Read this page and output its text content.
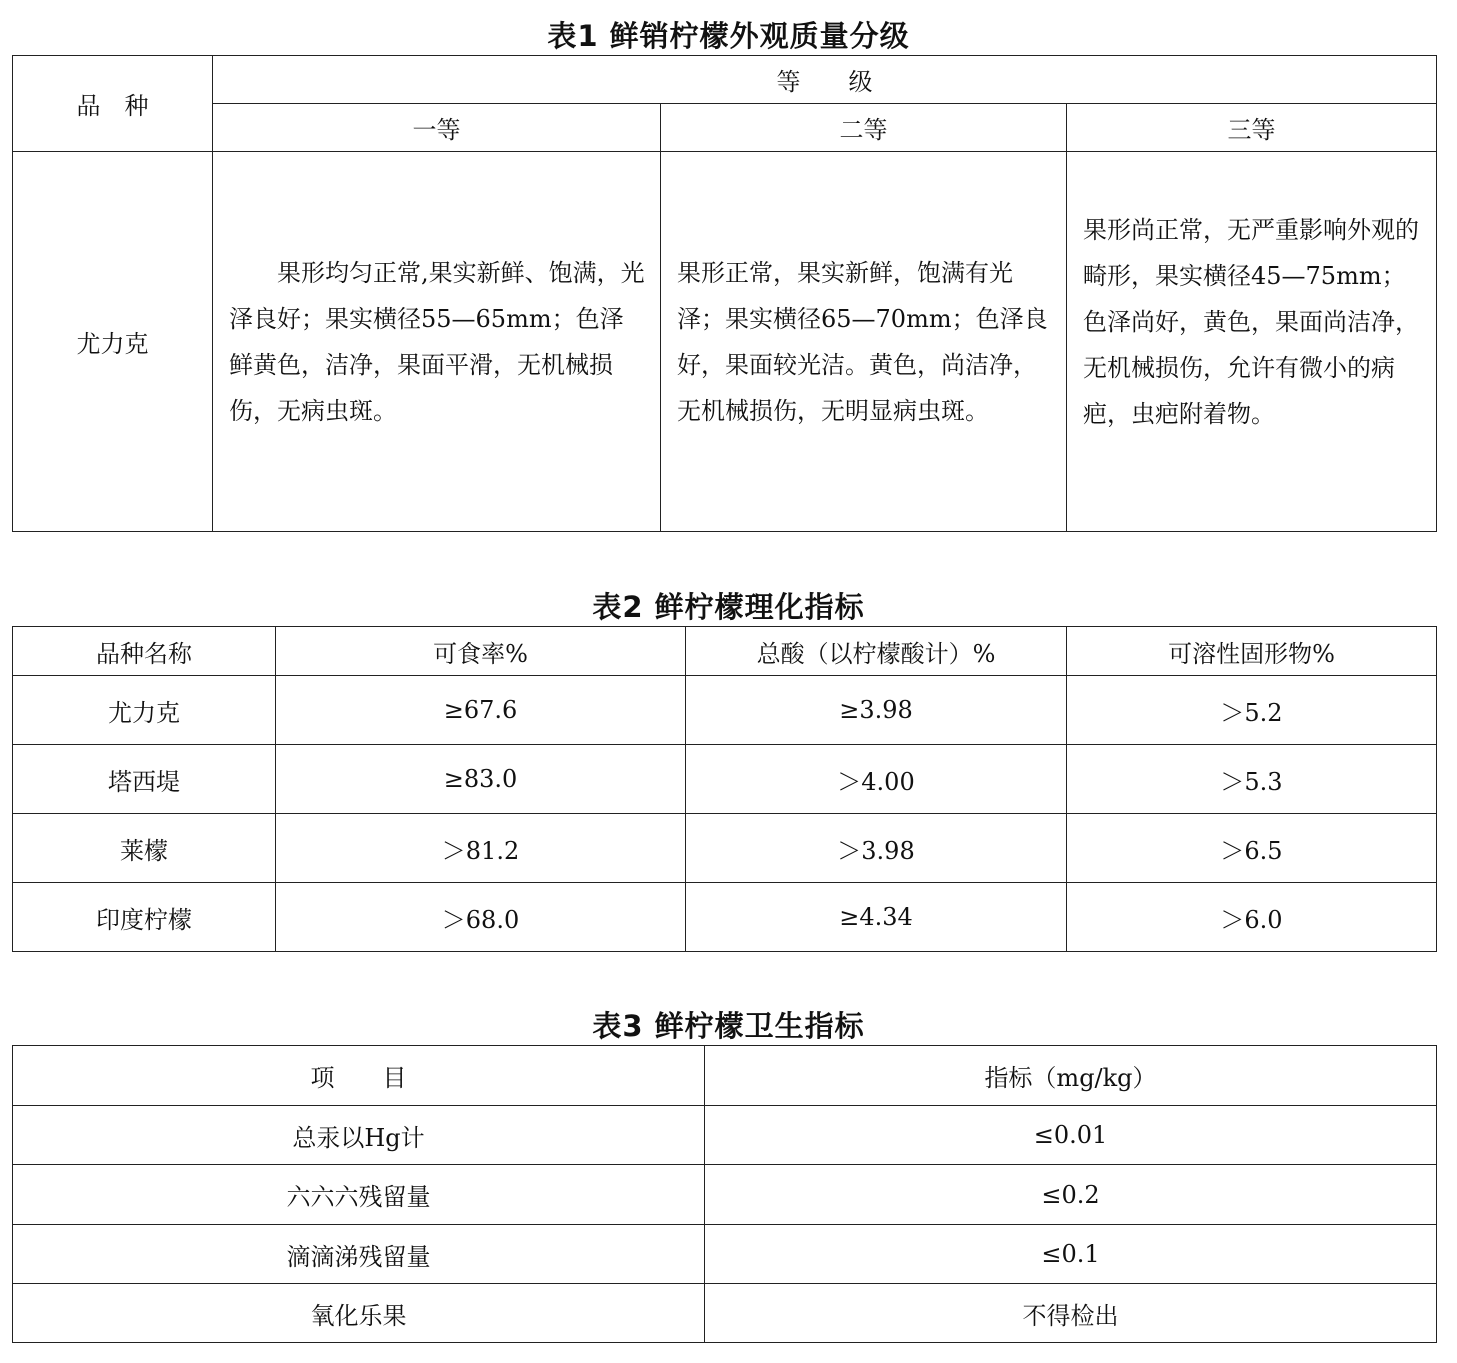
表1 鲜销柠檬外观质量分级
品　种	等　　级		
	一等	二等	三等
尤力克	果形均匀正常,果实新鲜、饱满，光泽良好；果实横径55—65mm；色泽鲜黄色，洁净，果面平滑，无机械损伤，无病虫斑。	果形正常，果实新鲜，饱满有光泽；果实横径65—70mm；色泽良好，果面较光洁。黄色，尚洁净，无机械损伤，无明显病虫斑。	果形尚正常，无严重影响外观的畸形，果实横径45—75mm；色泽尚好，黄色，果面尚洁净，无机械损伤，允许有微小的病疤，虫疤附着物。
表2 鲜柠檬理化指标
品种名称	可食率%	总酸（以柠檬酸计）%	可溶性固形物%
尤力克	≥67.6	≥3.98	＞5.2
塔西堤	≥83.0	＞4.00	＞5.3
莱檬	＞81.2	＞3.98	＞6.5
印度柠檬	＞68.0	≥4.34	＞6.0
表3 鲜柠檬卫生指标
项　　目	指标（mg/kg）
总汞以Hg计	≤0.01
六六六残留量	≤0.2
滴滴涕残留量	≤0.1
氧化乐果	不得检出
